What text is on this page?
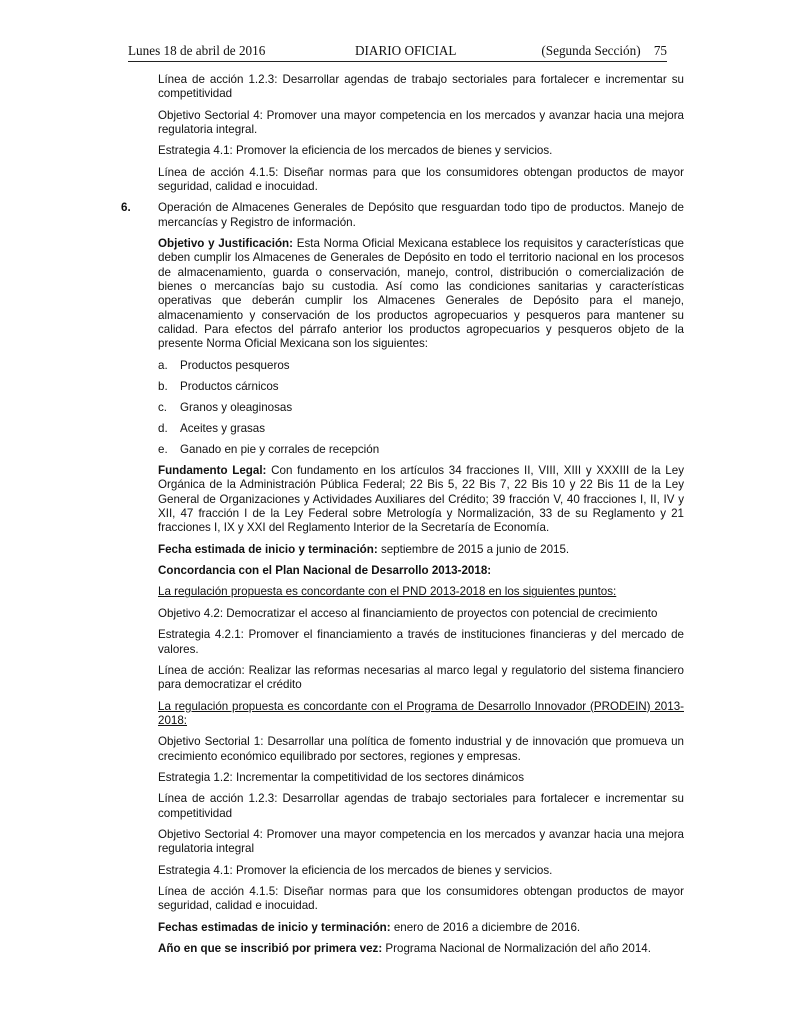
Lunes 18 de abril de 2016	DIARIO OFICIAL	(Segunda Sección) 75

Línea de acción 1.2.3: Desarrollar agendas de trabajo sectoriales para fortalecer e incrementar su competitividad

Objetivo Sectorial 4: Promover una mayor competencia en los mercados y avanzar hacia una mejora regulatoria integral.

Estrategia 4.1: Promover la eficiencia de los mercados de bienes y servicios.

Línea de acción 4.1.5: Diseñar normas para que los consumidores obtengan productos de mayor seguridad, calidad e inocuidad.

6. Operación de Almacenes Generales de Depósito que resguardan todo tipo de productos. Manejo de mercancías y Registro de información.

Objetivo y Justificación: Esta Norma Oficial Mexicana establece los requisitos y características que deben cumplir los Almacenes de Generales de Depósito en todo el territorio nacional en los procesos de almacenamiento, guarda o conservación, manejo, control, distribución o comercialización de bienes o mercancías bajo su custodia. Así como las condiciones sanitarias y características operativas que deberán cumplir los Almacenes Generales de Depósito para el manejo, almacenamiento y conservación de los productos agropecuarios y pesqueros para mantener su calidad. Para efectos del párrafo anterior los productos agropecuarios y pesqueros objeto de la presente Norma Oficial Mexicana son los siguientes:

a. Productos pesqueros
b. Productos cárnicos
c. Granos y oleaginosas
d. Aceites y grasas
e. Ganado en pie y corrales de recepción

Fundamento Legal: Con fundamento en los artículos 34 fracciones II, VIII, XIII y XXXIII de la Ley Orgánica de la Administración Pública Federal; 22 Bis 5, 22 Bis 7, 22 Bis 10 y 22 Bis 11 de la Ley General de Organizaciones y Actividades Auxiliares del Crédito; 39 fracción V, 40 fracciones I, II, IV y XII, 47 fracción I de la Ley Federal sobre Metrología y Normalización, 33 de su Reglamento y 21 fracciones I, IX y XXI del Reglamento Interior de la Secretaría de Economía.

Fecha estimada de inicio y terminación: septiembre de 2015 a junio de 2015.

Concordancia con el Plan Nacional de Desarrollo 2013-2018:

La regulación propuesta es concordante con el PND 2013-2018 en los siguientes puntos:

Objetivo 4.2: Democratizar el acceso al financiamiento de proyectos con potencial de crecimiento

Estrategia 4.2.1: Promover el financiamiento a través de instituciones financieras y del mercado de valores.

Línea de acción: Realizar las reformas necesarias al marco legal y regulatorio del sistema financiero para democratizar el crédito

La regulación propuesta es concordante con el Programa de Desarrollo Innovador (PRODEIN) 2013-2018:

Objetivo Sectorial 1: Desarrollar una política de fomento industrial y de innovación que promueva un crecimiento económico equilibrado por sectores, regiones y empresas.

Estrategia 1.2: Incrementar la competitividad de los sectores dinámicos

Línea de acción 1.2.3: Desarrollar agendas de trabajo sectoriales para fortalecer e incrementar su competitividad

Objetivo Sectorial 4: Promover una mayor competencia en los mercados y avanzar hacia una mejora regulatoria integral

Estrategia 4.1: Promover la eficiencia de los mercados de bienes y servicios.

Línea de acción 4.1.5: Diseñar normas para que los consumidores obtengan productos de mayor seguridad, calidad e inocuidad.

Fechas estimadas de inicio y terminación: enero de 2016 a diciembre de 2016.

Año en que se inscribió por primera vez: Programa Nacional de Normalización del año 2014.
